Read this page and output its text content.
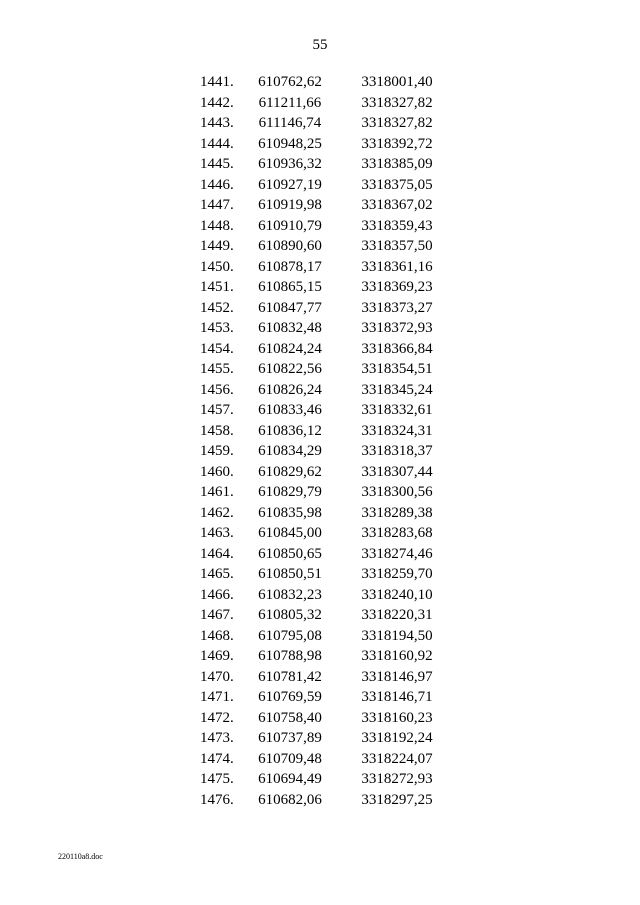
55
1441.	610762,62	3318001,40
1442.	611211,66	3318327,82
1443.	611146,74	3318327,82
1444.	610948,25	3318392,72
1445.	610936,32	3318385,09
1446.	610927,19	3318375,05
1447.	610919,98	3318367,02
1448.	610910,79	3318359,43
1449.	610890,60	3318357,50
1450.	610878,17	3318361,16
1451.	610865,15	3318369,23
1452.	610847,77	3318373,27
1453.	610832,48	3318372,93
1454.	610824,24	3318366,84
1455.	610822,56	3318354,51
1456.	610826,24	3318345,24
1457.	610833,46	3318332,61
1458.	610836,12	3318324,31
1459.	610834,29	3318318,37
1460.	610829,62	3318307,44
1461.	610829,79	3318300,56
1462.	610835,98	3318289,38
1463.	610845,00	3318283,68
1464.	610850,65	3318274,46
1465.	610850,51	3318259,70
1466.	610832,23	3318240,10
1467.	610805,32	3318220,31
1468.	610795,08	3318194,50
1469.	610788,98	3318160,92
1470.	610781,42	3318146,97
1471.	610769,59	3318146,71
1472.	610758,40	3318160,23
1473.	610737,89	3318192,24
1474.	610709,48	3318224,07
1475.	610694,49	3318272,93
1476.	610682,06	3318297,25
220110a8.doc
